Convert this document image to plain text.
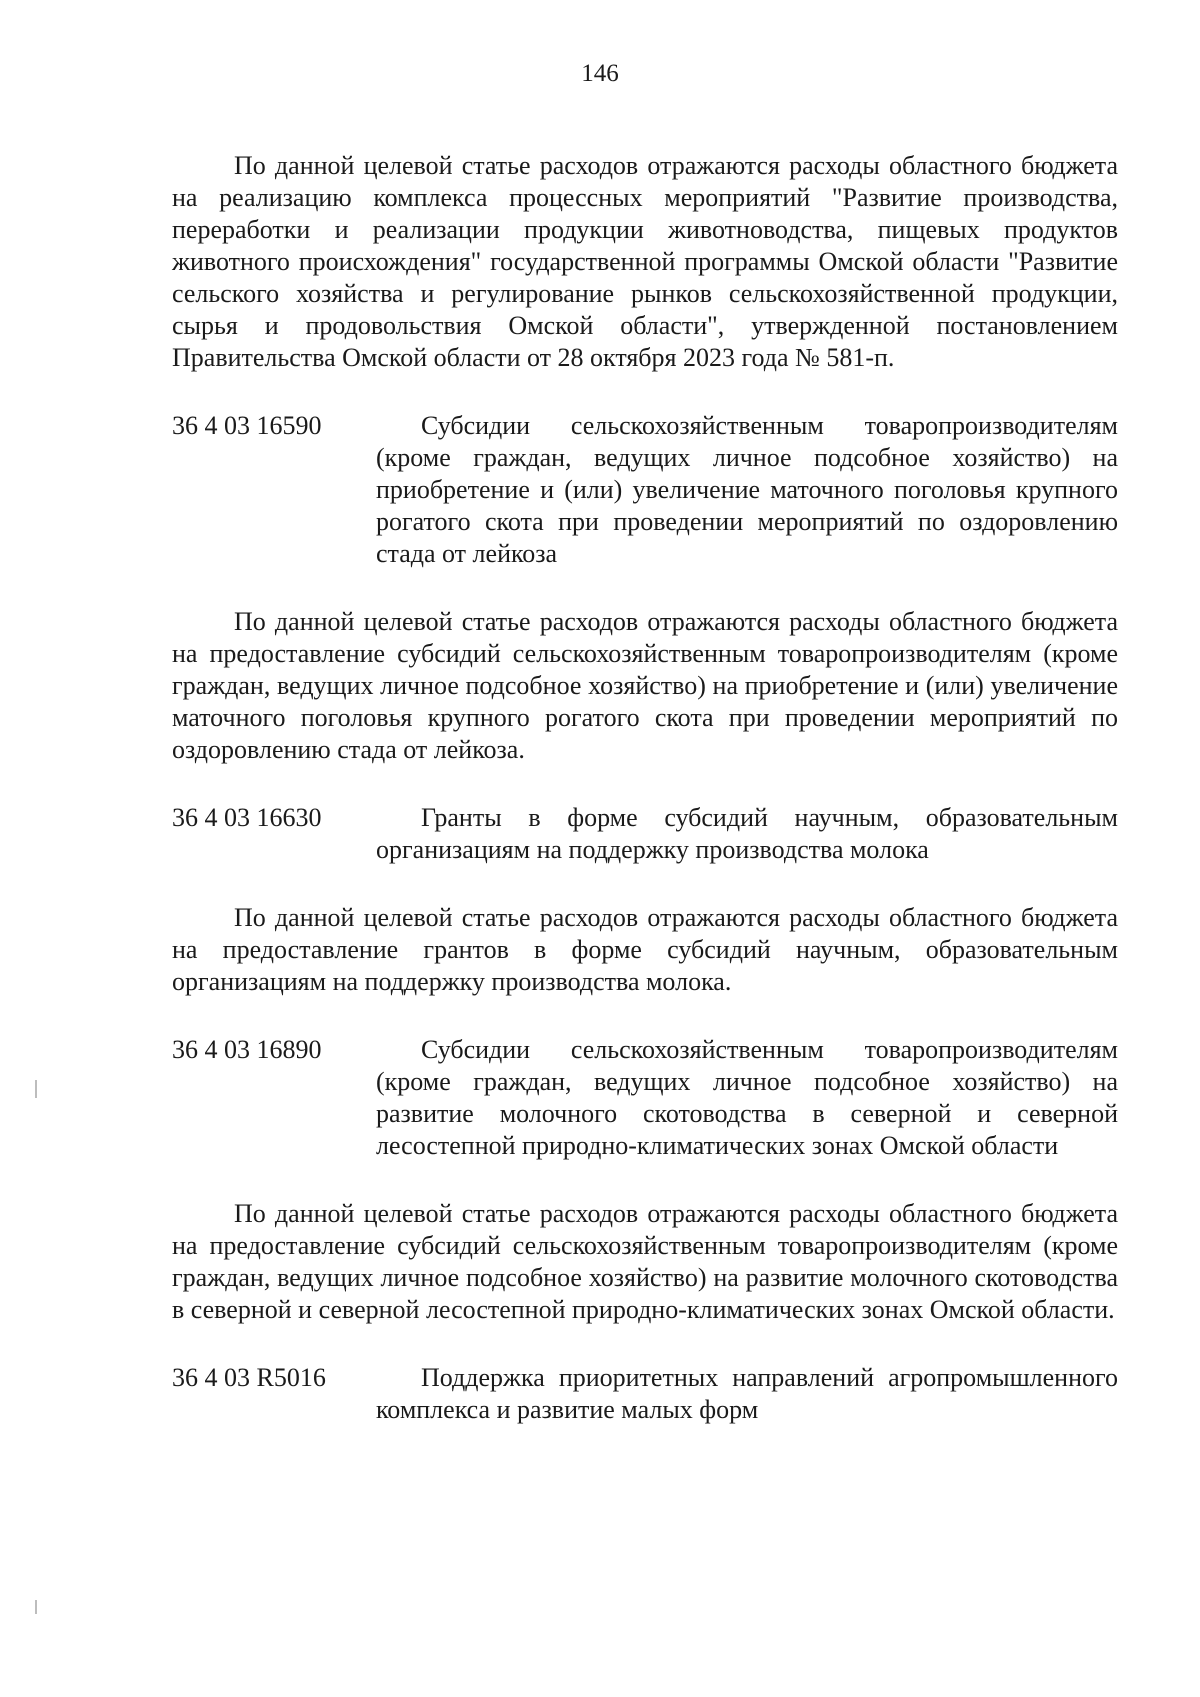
146

По данной целевой статье расходов отражаются расходы областного бюджета на реализацию комплекса процессных мероприятий "Развитие производства, переработки и реализации продукции животноводства, пищевых продуктов животного происхождения" государственной программы Омской области "Развитие сельского хозяйства и регулирование рынков сельскохозяйственной продукции, сырья и продовольствия Омской области", утвержденной постановлением Правительства Омской области от 28 октября 2023 года № 581-п.

36 4 03 16590	Субсидии сельскохозяйственным товаропроизводителям (кроме граждан, ведущих личное подсобное хозяйство) на приобретение и (или) увеличение маточного поголовья крупного рогатого скота при проведении мероприятий по оздоровлению стада от лейкоза

По данной целевой статье расходов отражаются расходы областного бюджета на предоставление субсидий сельскохозяйственным товаропроизводителям (кроме граждан, ведущих личное подсобное хозяйство) на приобретение и (или) увеличение маточного поголовья крупного рогатого скота при проведении мероприятий по оздоровлению стада от лейкоза.

36 4 03 16630	Гранты в форме субсидий научным, образовательным организациям на поддержку производства молока

По данной целевой статье расходов отражаются расходы областного бюджета на предоставление грантов в форме субсидий научным, образовательным организациям на поддержку производства молока.

36 4 03 16890	Субсидии сельскохозяйственным товаропроизводителям (кроме граждан, ведущих личное подсобное хозяйство) на развитие молочного скотоводства в северной и северной лесостепной природно-климатических зонах Омской области

По данной целевой статье расходов отражаются расходы областного бюджета на предоставление субсидий сельскохозяйственным товаропроизводителям (кроме граждан, ведущих личное подсобное хозяйство) на развитие молочного скотоводства в северной и северной лесостепной природно-климатических зонах Омской области.

36 4 03 R5016	Поддержка приоритетных направлений агропромышленного комплекса и развитие малых форм
